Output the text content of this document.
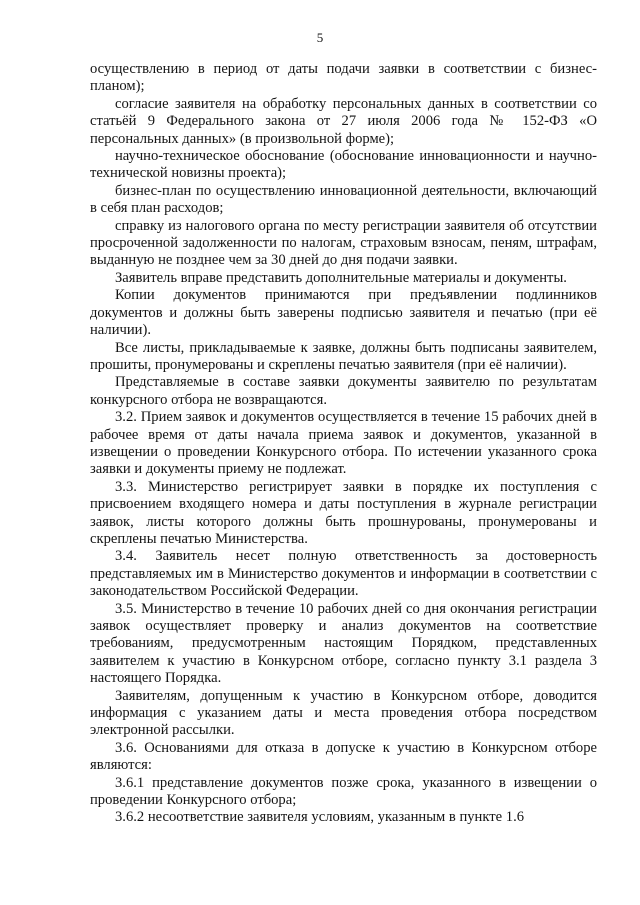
5

осуществлению в период от даты подачи заявки в соответствии с бизнес-планом);

согласие заявителя на обработку персональных данных в соответствии со статьёй 9 Федерального закона от 27 июля 2006 года № 152-ФЗ «О персональных данных» (в произвольной форме);

научно-техническое обоснование (обоснование инновационности и научно-технической новизны проекта);

бизнес-план по осуществлению инновационной деятельности, включающий в себя план расходов;

справку из налогового органа по месту регистрации заявителя об отсутствии просроченной задолженности по налогам, страховым взносам, пеням, штрафам, выданную не позднее чем за 30 дней до дня подачи заявки.

Заявитель вправе представить дополнительные материалы и документы.

Копии документов принимаются при предъявлении подлинников документов и должны быть заверены подписью заявителя и печатью (при её наличии).

Все листы, прикладываемые к заявке, должны быть подписаны заявителем, прошиты, пронумерованы и скреплены печатью заявителя (при её наличии).

Представляемые в составе заявки документы заявителю по результатам конкурсного отбора не возвращаются.

3.2. Прием заявок и документов осуществляется в течение 15 рабочих дней в рабочее время от даты начала приема заявок и документов, указанной в извещении о проведении Конкурсного отбора. По истечении указанного срока заявки и документы приему не подлежат.

3.3. Министерство регистрирует заявки в порядке их поступления с присвоением входящего номера и даты поступления в журнале регистрации заявок, листы которого должны быть прошнурованы, пронумерованы и скреплены печатью Министерства.

3.4. Заявитель несет полную ответственность за достоверность представляемых им в Министерство документов и информации в соответствии с законодательством Российской Федерации.

3.5. Министерство в течение 10 рабочих дней со дня окончания регистрации заявок осуществляет проверку и анализ документов на соответствие требованиям, предусмотренным настоящим Порядком, представленных заявителем к участию в Конкурсном отборе, согласно пункту 3.1 раздела 3 настоящего Порядка.

Заявителям, допущенным к участию в Конкурсном отборе, доводится информация с указанием даты и места проведения отбора посредством электронной рассылки.

3.6. Основаниями для отказа в допуске к участию в Конкурсном отборе являются:

3.6.1 представление документов позже срока, указанного в извещении о проведении Конкурсного отбора;

3.6.2 несоответствие заявителя условиям, указанным в пункте 1.6
